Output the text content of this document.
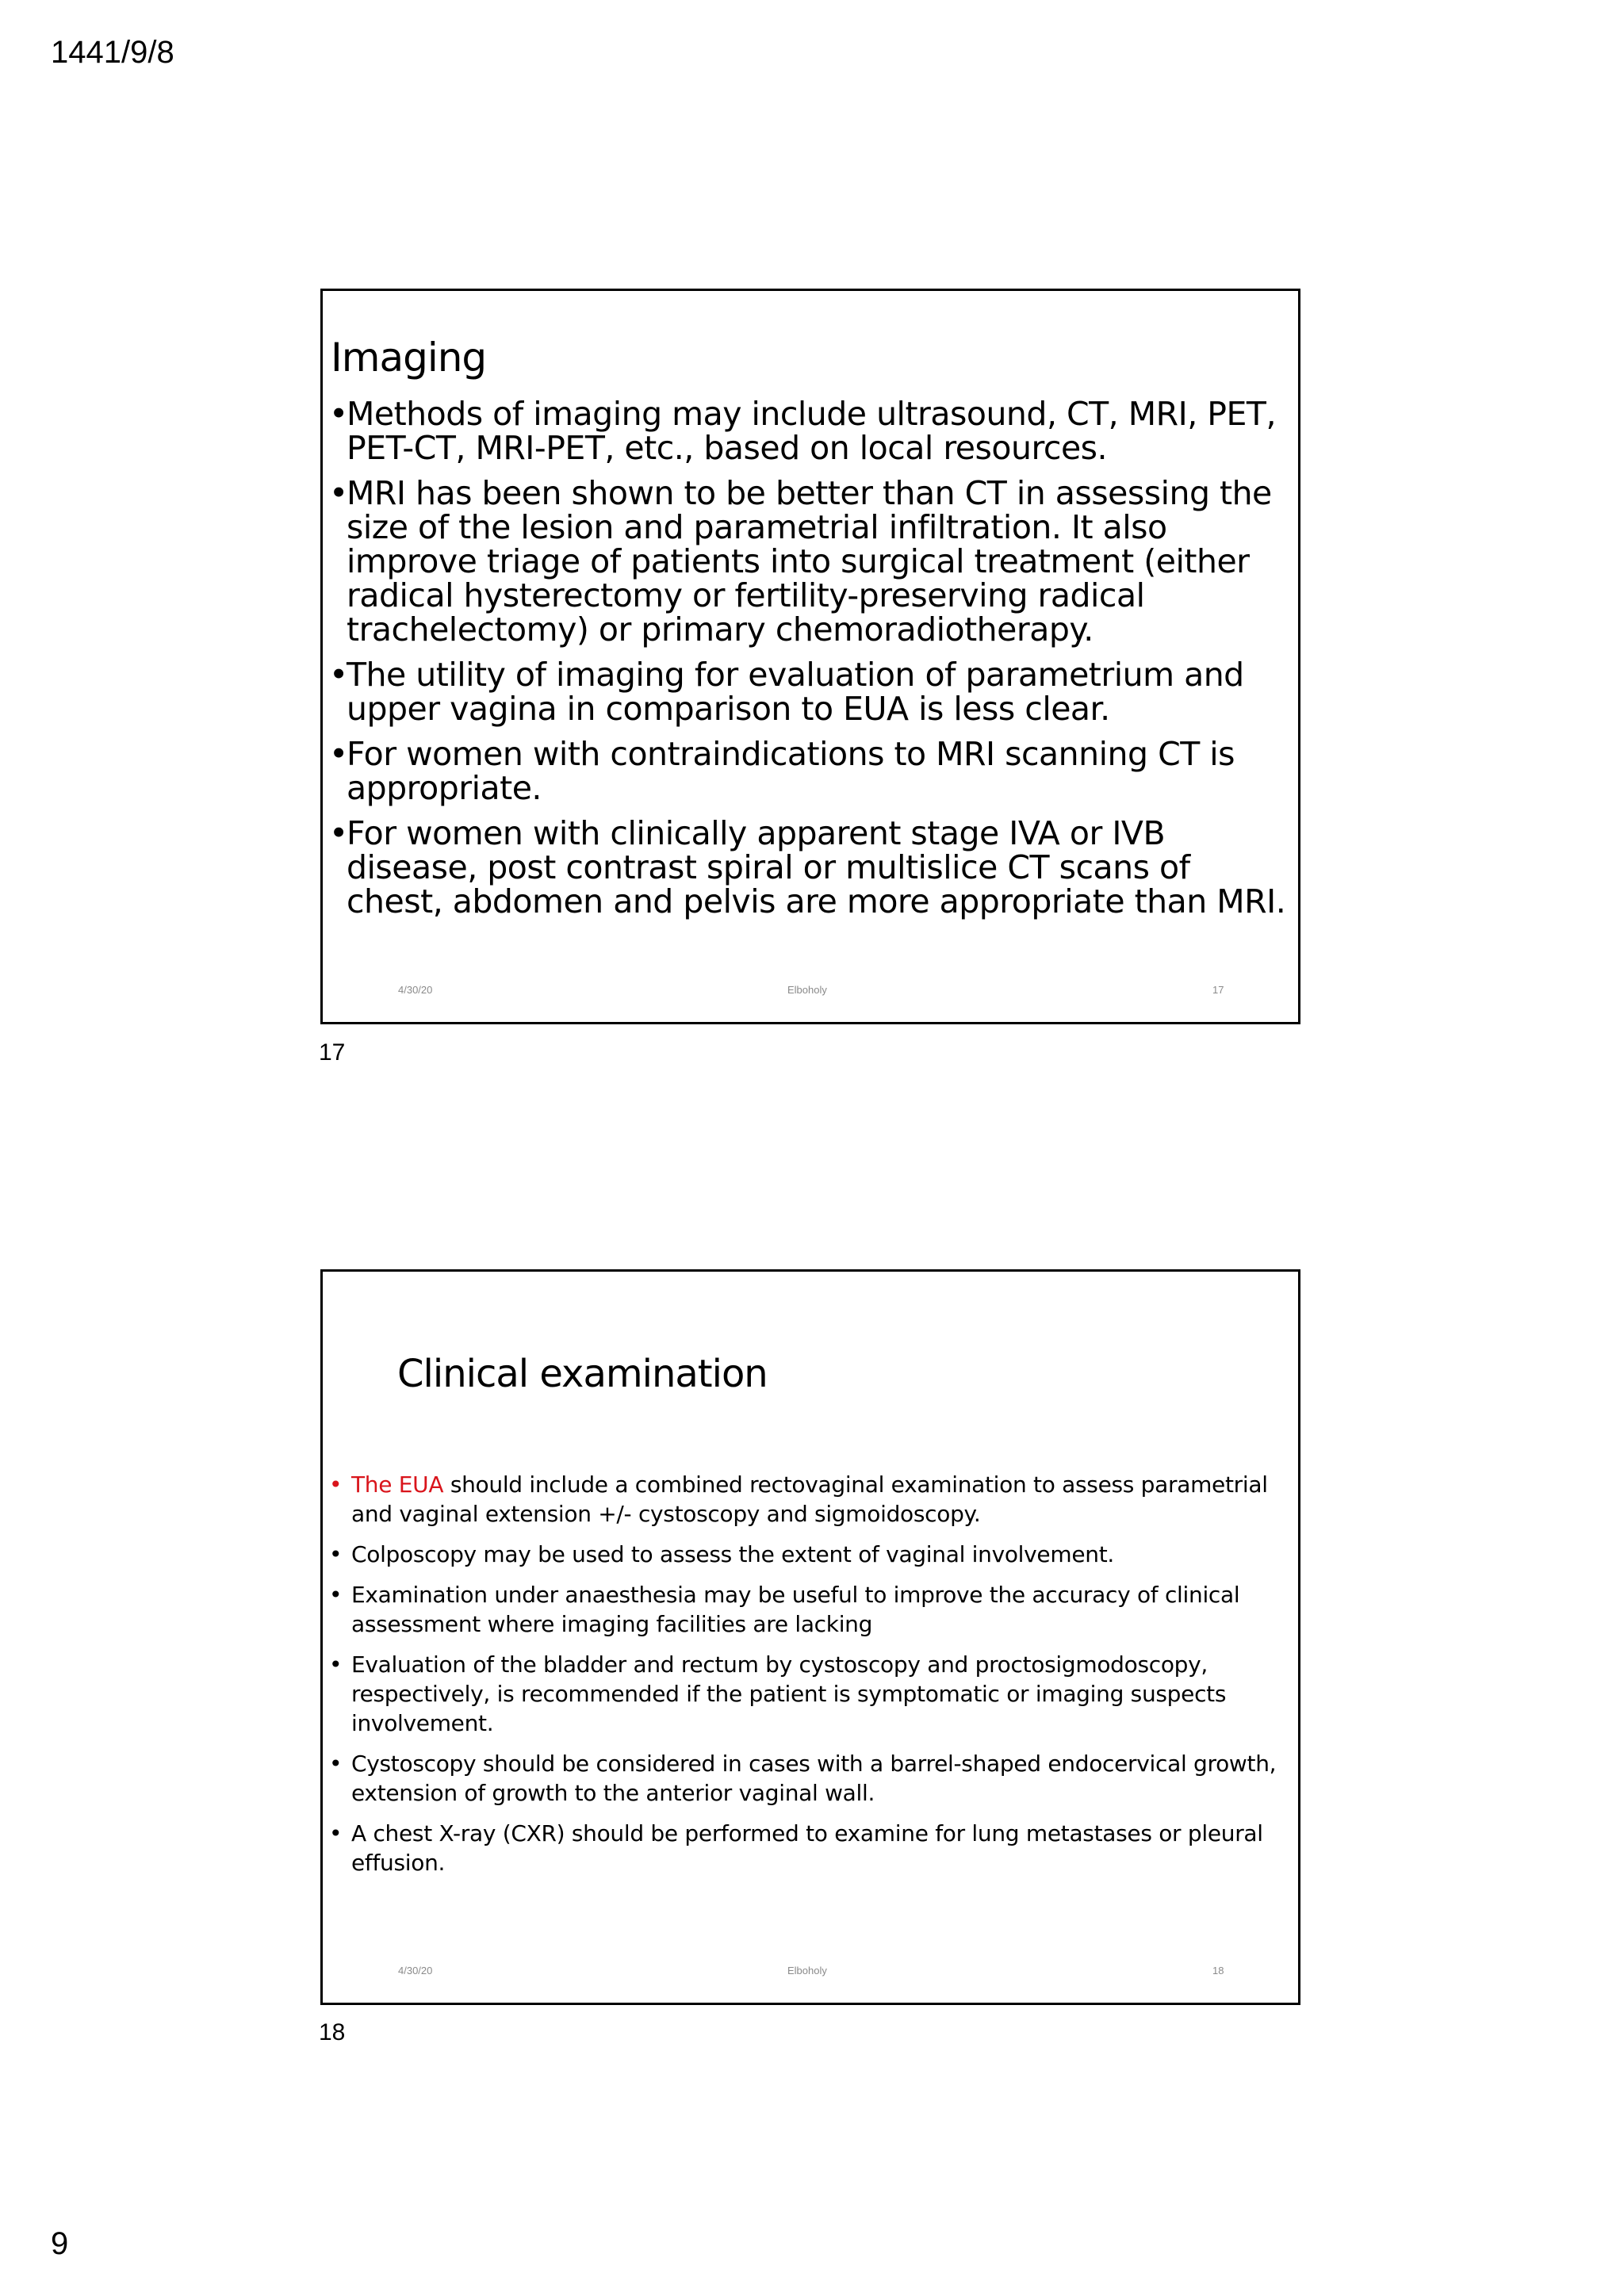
1441/9/8
Imaging
•
Methods of imaging may include ultrasound, CT, MRI, PET, PET-CT, MRI-PET, etc., based on local resources.
•
MRI has been shown to be better than CT in assessing the size of the lesion and parametrial infiltration. It also improve triage of patients into surgical treatment (either radical hysterectomy or fertility-preserving radical trachelectomy) or primary chemoradiotherapy.
•
The utility of imaging for evaluation of parametrium and upper vagina in comparison to EUA is less clear.
•
For women with contraindications to MRI scanning CT is appropriate.
•
For women with clinically apparent stage IVA or IVB disease, post contrast spiral or multislice CT scans of chest, abdomen and pelvis are more appropriate than MRI.
4/30/20	Elboholy	17
17
Clinical examination
• The EUA should include a combined rectovaginal examination to assess parametrial and vaginal extension +/- cystoscopy and sigmoidoscopy.
• Colposcopy may be used to assess the extent of vaginal involvement.
• Examination under anaesthesia may be useful to improve the accuracy of clinical assessment where imaging facilities are lacking
• Evaluation of the bladder and rectum by cystoscopy and proctosigmodoscopy, respectively, is recommended if the patient is symptomatic or imaging suspects involvement.
• Cystoscopy should be considered in cases with a barrel-shaped endocervical growth, extension of growth to the anterior vaginal wall.
• A chest X-ray (CXR) should be performed to examine for lung metastases or pleural effusion.
4/30/20	Elboholy	18
18
9
